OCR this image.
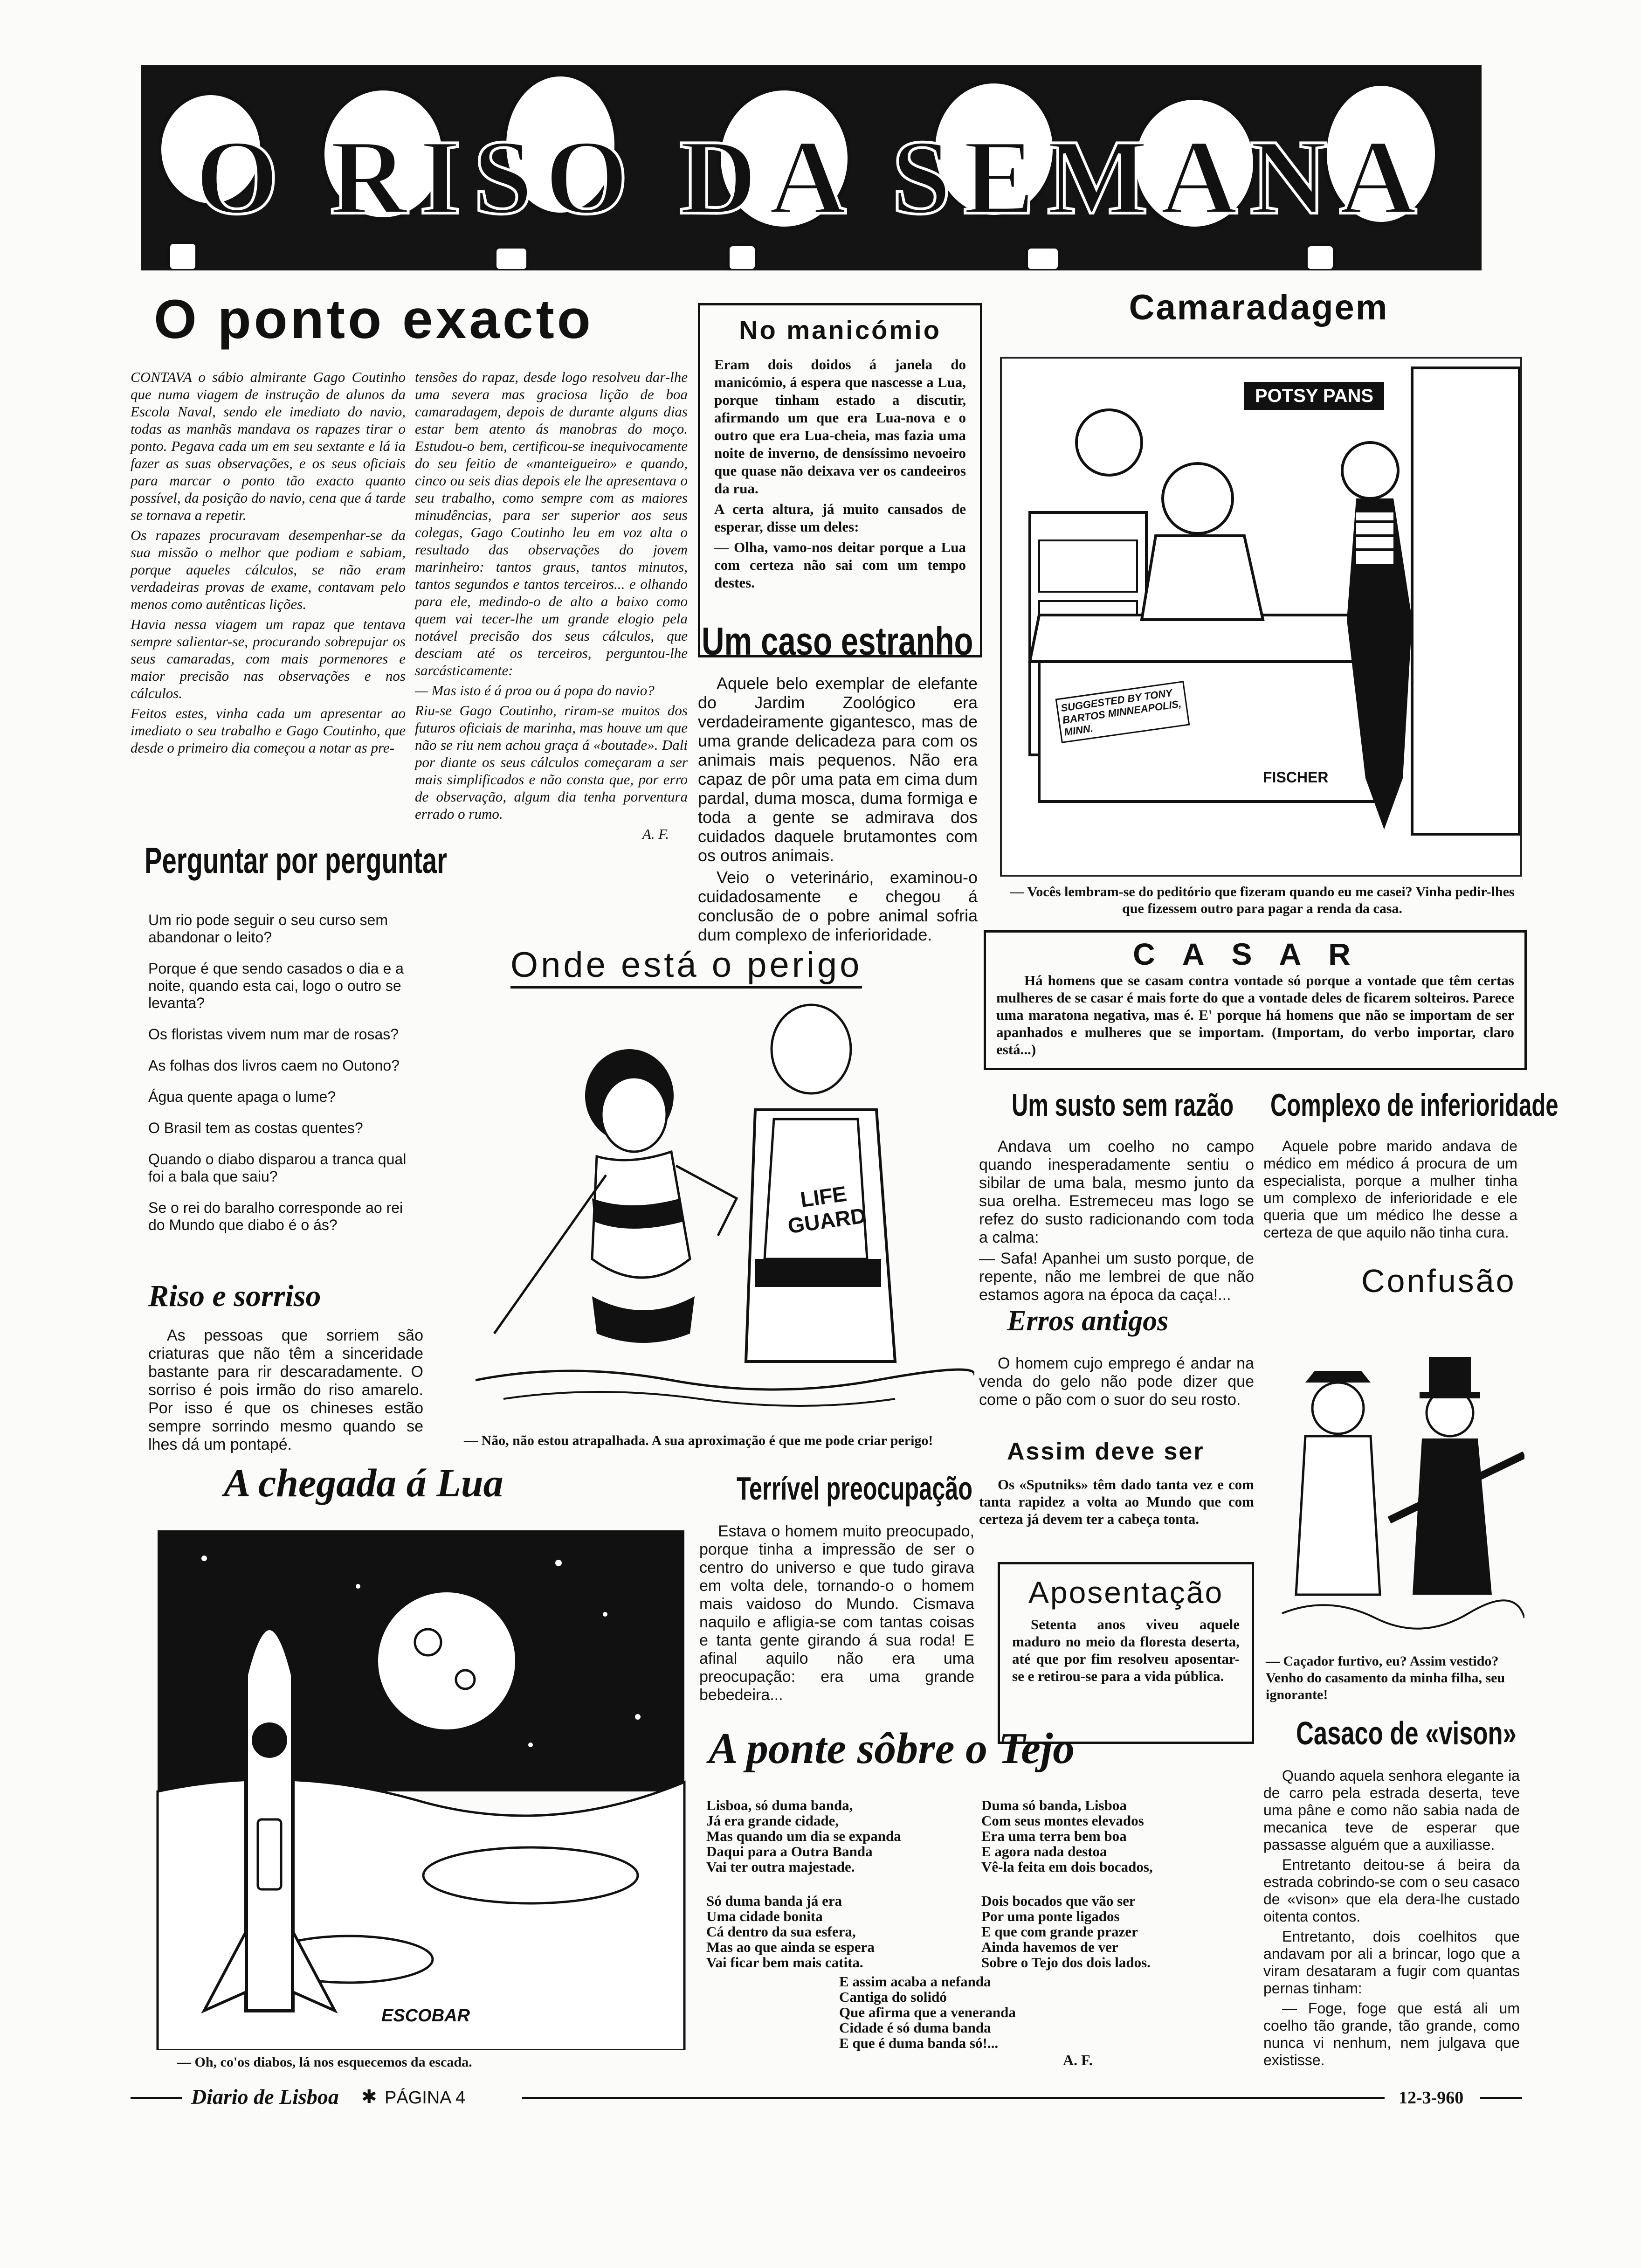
O RISO DA SEMANA
O ponto exacto

CONTAVA o sábio almirante Gago Coutinho que numa viagem de instrução de alunos da Escola Naval, sendo ele imediato do navio, todas as manhãs mandava os rapazes tirar o ponto. Pegava cada um em seu sextante e lá ia fazer as suas observações, e os seus oficiais para marcar o ponto tão exacto quanto possível, da posição do navio, cena que á tarde se tornava a repetir.

Os rapazes procuravam desempenhar-se da sua missão o melhor que podiam e sabiam, porque aqueles cálculos, se não eram verdadeiras provas de exame, contavam pelo menos como autênticas lições.

Havia nessa viagem um rapaz que tentava sempre salientar-se, procurando sobrepujar os seus camaradas, com mais pormenores e maior precisão nas observações e nos cálculos.

Feitos estes, vinha cada um apresentar ao imediato o seu trabalho e Gago Coutinho, que desde o primeiro dia começou a notar as pre-

tensões do rapaz, desde logo resolveu dar-lhe uma severa mas graciosa lição de boa camaradagem, depois de durante alguns dias estar bem atento ás manobras do moço. Estudou-o bem, certificou-se inequivocamente do seu feitio de «manteigueiro» e quando, cinco ou seis dias depois ele lhe apresentava o seu trabalho, como sempre com as maiores minudências, para ser superior aos seus colegas, Gago Coutinho leu em voz alta o resultado das observações do jovem marinheiro: tantos graus, tantos minutos, tantos segundos e tantos terceiros... e olhando para ele, medindo-o de alto a baixo como quem vai tecer-lhe um grande elogio pela notável precisão dos seus cálculos, que desciam até os terceiros, perguntou-lhe sarcásticamente:

— Mas isto é á proa ou á popa do navio?

Riu-se Gago Coutinho, riram-se muitos dos futuros oficiais de marinha, mas houve um que não se riu nem achou graça á «boutade». Dali por diante os seus cálculos começaram a ser mais simplificados e não consta que, por erro de observação, algum dia tenha porventura errado o rumo.

A. F.

No manicómio

Eram dois doidos á janela do manicómio, á espera que nascesse a Lua, porque tinham estado a discutir, afirmando um que era Lua-nova e o outro que era Lua-cheia, mas fazia uma noite de inverno, de densíssimo nevoeiro que quase não deixava ver os candeeiros da rua.

A certa altura, já muito cansados de esperar, disse um deles:

— Olha, vamo-nos deitar porque a Lua com certeza não sai com um tempo destes.

Um caso estranho

Aquele belo exemplar de elefante do Jardim Zoológico era verdadeiramente gigantesco, mas de uma grande delicadeza para com os animais mais pequenos. Não era capaz de pôr uma pata em cima dum pardal, duma mosca, duma formiga e toda a gente se admirava dos cuidados daquele brutamontes com os outros animais.

Veio o veterinário, examinou-o cuidadosamente e chegou á conclusão de o pobre animal sofria dum complexo de inferioridade.

Camaradagem
POTSY PANS
SUGGESTED BY TONY BARTOS MINNEAPOLIS, MINN.
FISCHER
— Vocês lembram-se do peditório que fizeram quando eu me casei? Vinha pedir-lhes que fizessem outro para pagar a renda da casa.
CASAR
Há homens que se casam contra vontade só porque a vontade que têm certas mulheres de se casar é mais forte do que a vontade deles de ficarem solteiros. Parece uma maratona negativa, mas é. E' porque há homens que não se importam de ser apanhados e mulheres que se importam. (Importam, do verbo importar, claro está...)
Perguntar por perguntar

Um rio pode seguir o seu curso sem abandonar o leito?

Porque é que sendo casados o dia e a noite, quando esta cai, logo o outro se levanta?

Os floristas vivem num mar de rosas?

As folhas dos livros caem no Outono?

Água quente apaga o lume?

O Brasil tem as costas quentes?

Quando o diabo disparou a tranca qual foi a bala que saiu?

Se o rei do baralho corresponde ao rei do Mundo que diabo é o ás?

Riso e sorriso
As pessoas que sorriem são criaturas que não têm a sinceridade bastante para rir descaradamente. O sorriso é pois irmão do riso amarelo. Por isso é que os chineses estão sempre sorrindo mesmo quando se lhes dá um pontapé.
Onde está o perigo
LIFE GUARD
— Não, não estou atrapalhada. A sua aproximação é que me pode criar perigo!
Um susto sem razão

Andava um coelho no campo quando inesperadamente sentiu o sibilar de uma bala, mesmo junto da sua orelha. Estremeceu mas logo se refez do susto radicionando com toda a calma:

— Safa! Apanhei um susto porque, de repente, não me lembrei de que não estamos agora na época da caça!...

Complexo de inferioridade
Aquele pobre marido andava de médico em médico á procura de um especialista, porque a mulher tinha um complexo de inferioridade e ele queria que um médico lhe desse a certeza de que aquilo não tinha cura.
Erros antigos
O homem cujo emprego é andar na venda do gelo não pode dizer que come o pão com o suor do seu rosto.
Assim deve ser
Os «Sputniks» têm dado tanta vez e com tanta rapidez a volta ao Mundo que com certeza já devem ter a cabeça tonta.
Confusão
— Caçador furtivo, eu? Assim vestido? Venho do casamento da minha filha, seu ignorante!
A chegada á Lua
ESCOBAR
— Oh, co'os diabos, lá nos esquecemos da escada.
Terrível preocupação
Estava o homem muito preocupado, porque tinha a impressão de ser o centro do universo e que tudo girava em volta dele, tornando-o o homem mais vaidoso do Mundo. Cismava naquilo e afligia-se com tantas coisas e tanta gente girando á sua roda! E afinal aquilo não era uma preocupação: era uma grande bebedeira...
Aposentação
Setenta anos viveu aquele maduro no meio da floresta deserta, até que por fim resolveu aposentar-se e retirou-se para a vida pública.
Casaco de «vison»

Quando aquela senhora elegante ia de carro pela estrada deserta, teve uma pâne e como não sabia nada de mecanica teve de esperar que passasse alguém que a auxiliasse.

Entretanto deitou-se á beira da estrada cobrindo-se com o seu casaco de «vison» que ela dera-lhe custado oitenta contos.

Entretanto, dois coelhitos que andavam por ali a brincar, logo que a viram desataram a fugir com quantas pernas tinham:

— Foge, foge que está ali um coelho tão grande, tão grande, como nunca vi nenhum, nem julgava que existisse.

A ponte sôbre o Tejo

Lisboa, só duma banda,
Já era grande cidade,
Mas quando um dia se expanda
Daqui para a Outra Banda
Vai ter outra majestade.

Só duma banda já era
Uma cidade bonita
Cá dentro da sua esfera,
Mas ao que ainda se espera
Vai ficar bem mais catita.

Duma só banda, Lisboa
Com seus montes elevados
Era uma terra bem boa
E agora nada destoa
Vê-la feita em dois bocados,

Dois bocados que vão ser
Por uma ponte ligados
E que com grande prazer
Ainda havemos de ver
Sobre o Tejo dos dois lados.

E assim acaba a nefanda
Cantiga do solidó
Que afirma que a veneranda
Cidade é só duma banda
E que é duma banda só!...

A. F.
Diario de Lisboa ✱ PÁGINA 4	12-3-960
